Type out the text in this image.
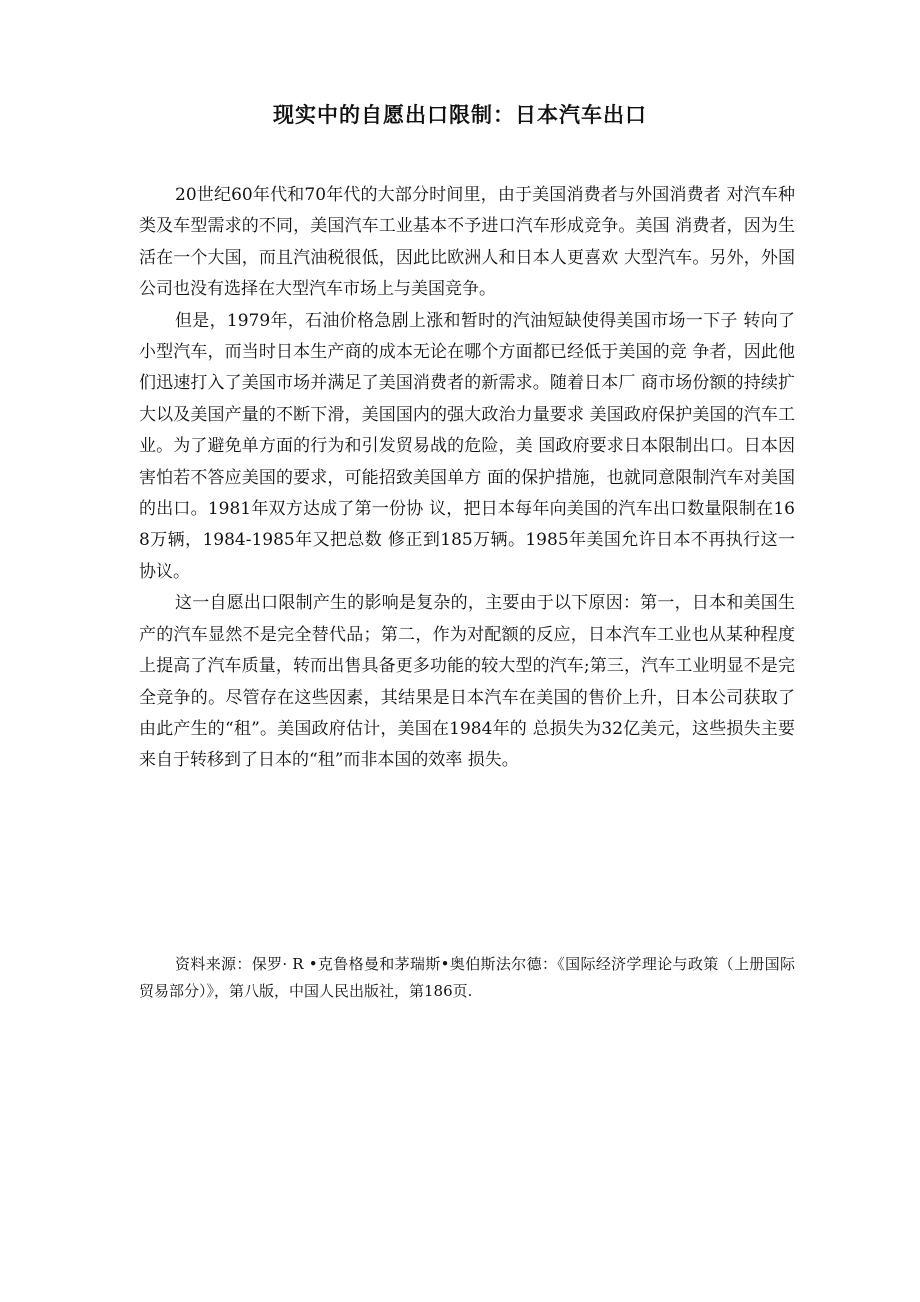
现实中的自愿出口限制：日本汽车出口

20世纪60年代和70年代的大部分时间里，由于美国消费者与外国消费者 对汽车种类及车型需求的不同，美国汽车工业基本不予进口汽车形成竞争。美国 消费者，因为生活在一个大国，而且汽油税很低，因此比欧洲人和日本人更喜欢 大型汽车。另外，外国公司也没有选择在大型汽车市场上与美国竞争。

但是，1979年，石油价格急剧上涨和暂时的汽油短缺使得美国市场一下子 转向了小型汽车，而当时日本生产商的成本无论在哪个方面都已经低于美国的竞 争者，因此他们迅速打入了美国市场并满足了美国消费者的新需求。随着日本厂 商市场份额的持续扩大以及美国产量的不断下滑，美国国内的强大政治力量要求 美国政府保护美国的汽车工业。为了避免单方面的行为和引发贸易战的危险，美 国政府要求日本限制出口。日本因害怕若不答应美国的要求，可能招致美国单方 面的保护措施，也就同意限制汽车对美国的出口。1981年双方达成了第一份协 议，把日本每年向美国的汽车出口数量限制在168万辆，1984-1985年又把总数 修正到185万辆。1985年美国允许日本不再执行这一协议。

这一自愿出口限制产生的影响是复杂的，主要由于以下原因：第一，日本和美国生产的汽车显然不是完全替代品；第二，作为对配额的反应，日本汽车工业也从某种程度上提高了汽车质量，转而出售具备更多功能的较大型的汽车;第三，汽车工业明显不是完全竞争的。尽管存在这些因素，其结果是日本汽车在美国的售价上升，日本公司获取了由此产生的“租”。美国政府估计，美国在1984年的 总损失为32亿美元，这些损失主要来自于转移到了日本的“租”而非本国的效率 损失。

资料来源：保罗· R •克鲁格曼和茅瑞斯•奥伯斯法尔德：《国际经济学理论与政策（上册国际贸易部分）》，第八版，中国人民出版社，第186页.
